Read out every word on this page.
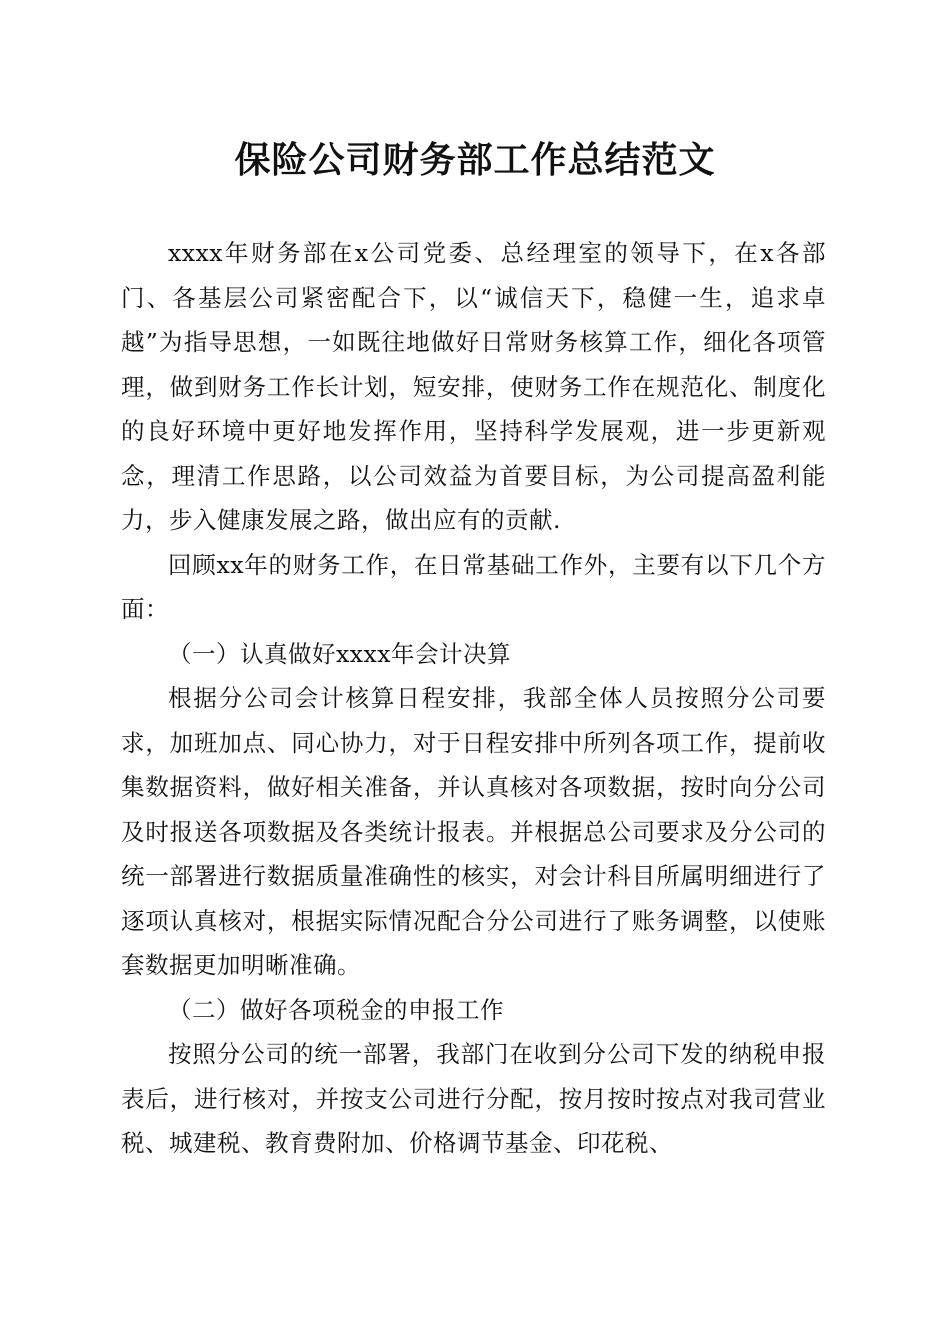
保险公司财务部工作总结范文

xxxx年财务部在x公司党委、总经理室的领导下，在x各部门、各基层公司紧密配合下，以“诚信天下，稳健一生，追求卓越”为指导思想，一如既往地做好日常财务核算工作，细化各项管理，做到财务工作长计划，短安排，使财务工作在规范化、制度化的良好环境中更好地发挥作用，坚持科学发展观，进一步更新观念，理清工作思路，以公司效益为首要目标，为公司提高盈利能力，步入健康发展之路，做出应有的贡献.

回顾xx年的财务工作，在日常基础工作外，主要有以下几个方面：

（一）认真做好xxxx年会计决算

根据分公司会计核算日程安排，我部全体人员按照分公司要求，加班加点、同心协力，对于日程安排中所列各项工作，提前收集数据资料，做好相关准备，并认真核对各项数据，按时向分公司及时报送各项数据及各类统计报表。并根据总公司要求及分公司的统一部署进行数据质量准确性的核实，对会计科目所属明细进行了逐项认真核对，根据实际情况配合分公司进行了账务调整，以使账套数据更加明晰准确。

（二）做好各项税金的申报工作

按照分公司的统一部署，我部门在收到分公司下发的纳税申报表后，进行核对，并按支公司进行分配，按月按时按点对我司营业税、城建税、教育费附加、价格调节基金、印花税、
